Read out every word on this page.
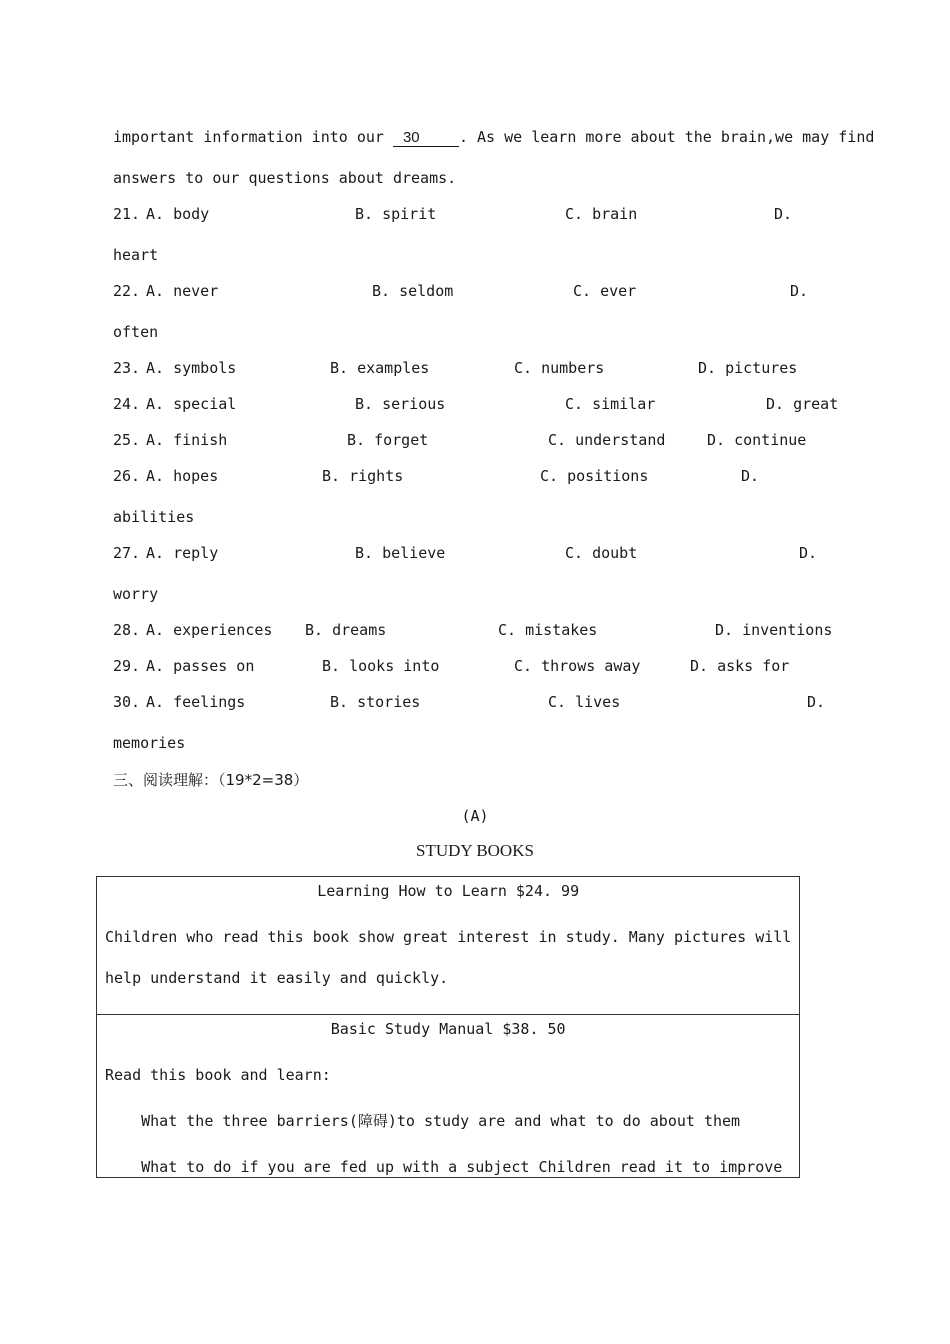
important information into our 30	. As we learn more about the brain,we may find
answers to our questions about dreams.
21. A. body	B. spirit	C. brain	D.
heart
22. A. never	B. seldom	C. ever	D.
often
23. A. symbols	B. examples	C. numbers	D. pictures
24. A. special	B. serious	C. similar	D. great
25. A. finish	B. forget	C. understand	D. continue
26. A. hopes	B. rights	C. positions	D.
abilities
27. A. reply	B. believe	C. doubt	D.
worry
28. A. experiences B. dreams	C. mistakes	D. inventions
29. A. passes on	B. looks into	C. throws away	D. asks for
30. A. feelings	B. stories	C. lives	D.
memories
三、阅读理解：（19*2=38）
(A)
STUDY BOOKS
Learning How to Learn $24. 99
Children who read this book show great interest in study. Many pictures will
help understand it easily and quickly.

Basic Study Manual $38. 50
Read this book and learn:
What the three barriers(障碍)to study are and what to do about them
What to do if you are fed up with a subject Children read it to improve
